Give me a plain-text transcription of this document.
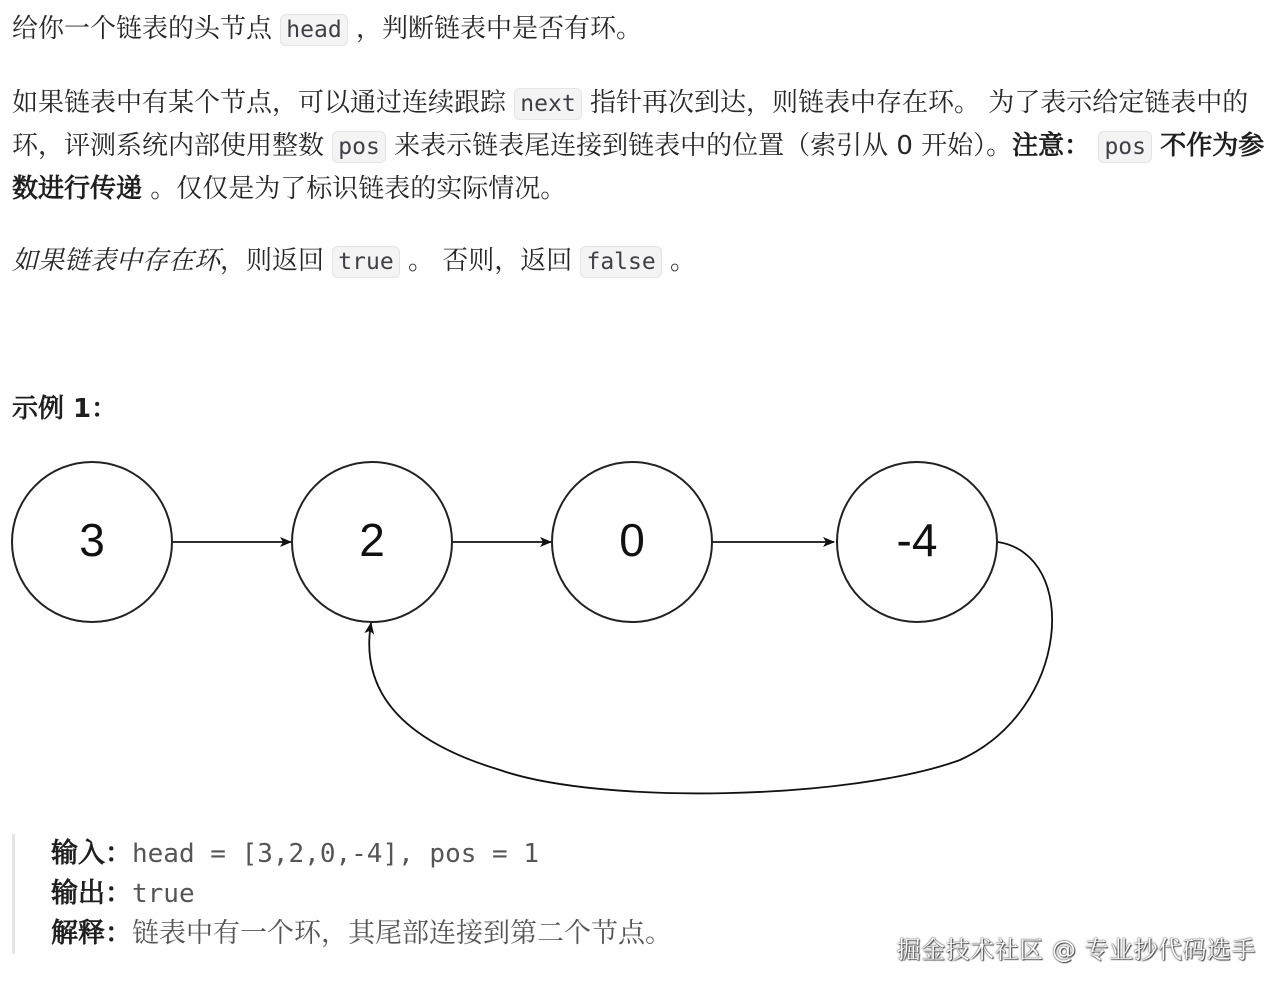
给你一个链表的头节点 head ，判断链表中是否有环。

如果链表中有某个节点，可以通过连续跟踪 next 指针再次到达，则链表中存在环。 为了表示给定链表中的环，评测系统内部使用整数 pos 来表示链表尾连接到链表中的位置（索引从 0 开始）。注意： pos 不作为参数进行传递 。仅仅是为了标识链表的实际情况。

如果链表中存在环，则返回 true 。 否则，返回 false 。

示例 1：

3	2	0	-4
输入：head = [3,2,0,-4], pos = 1
输出：true
解释：链表中有一个环，其尾部连接到第二个节点。
掘金技术社区 @ 专业抄代码选手
